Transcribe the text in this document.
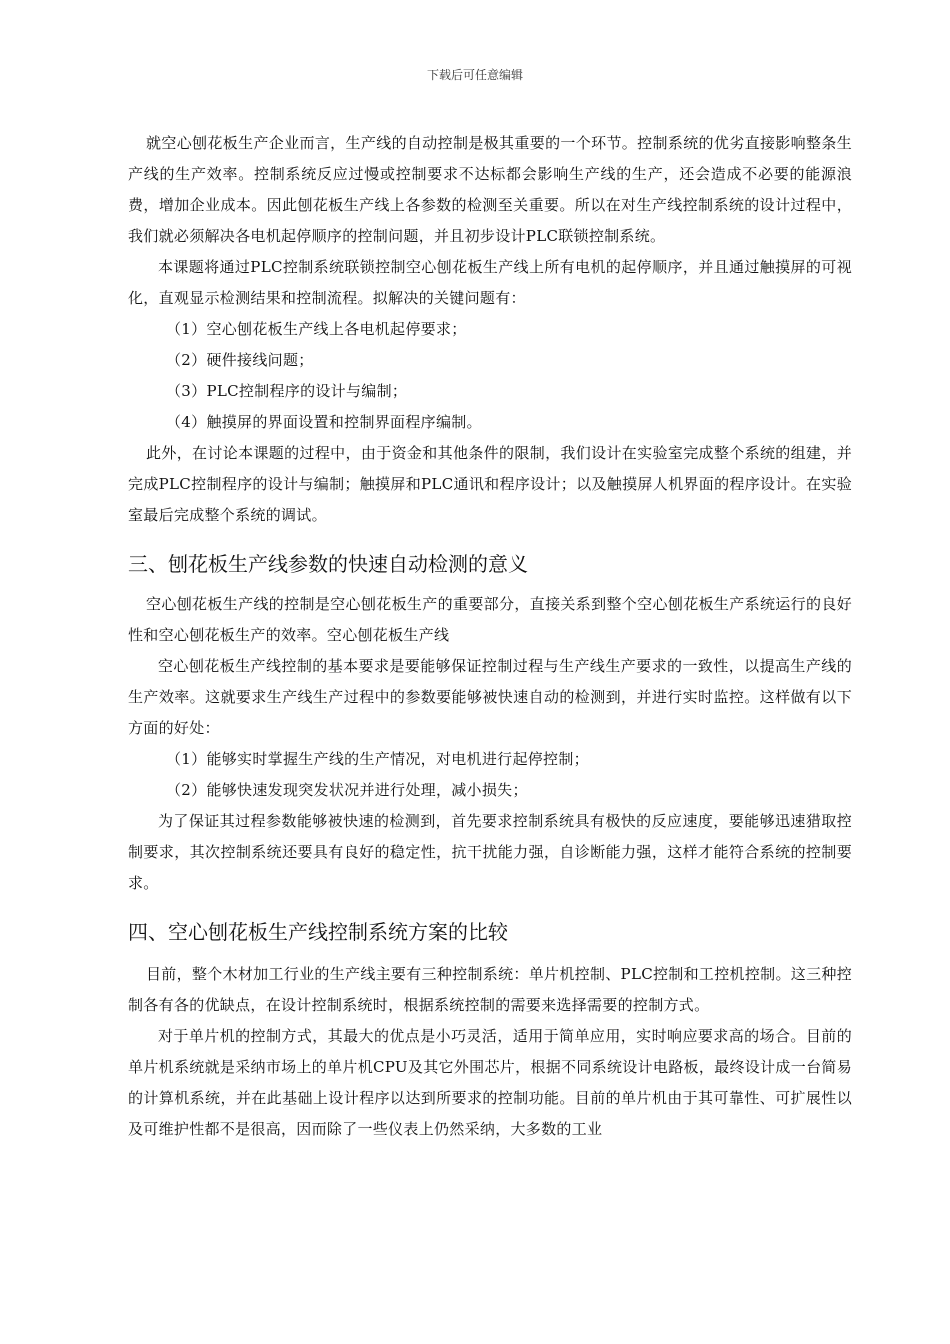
下载后可任意编辑

就空心刨花板生产企业而言，生产线的自动控制是极其重要的一个环节。控制系统的优劣直接影响整条生产线的生产效率。控制系统反应过慢或控制要求不达标都会影响生产线的生产，还会造成不必要的能源浪费，增加企业成本。因此刨花板生产线上各参数的检测至关重要。所以在对生产线控制系统的设计过程中，我们就必须解决各电机起停顺序的控制问题，并且初步设计PLC联锁控制系统。

本课题将通过PLC控制系统联锁控制空心刨花板生产线上所有电机的起停顺序，并且通过触摸屏的可视化，直观显示检测结果和控制流程。拟解决的关键问题有：

（1）空心刨花板生产线上各电机起停要求；

（2）硬件接线问题；

（3）PLC控制程序的设计与编制；

（4）触摸屏的界面设置和控制界面程序编制。

此外，在讨论本课题的过程中，由于资金和其他条件的限制，我们设计在实验室完成整个系统的组建，并完成PLC控制程序的设计与编制；触摸屏和PLC通讯和程序设计；以及触摸屏人机界面的程序设计。在实验室最后完成整个系统的调试。

三、刨花板生产线参数的快速自动检测的意义

空心刨花板生产线的控制是空心刨花板生产的重要部分，直接关系到整个空心刨花板生产系统运行的良好性和空心刨花板生产的效率。空心刨花板生产线

空心刨花板生产线控制的基本要求是要能够保证控制过程与生产线生产要求的一致性，以提高生产线的生产效率。这就要求生产线生产过程中的参数要能够被快速自动的检测到，并进行实时监控。这样做有以下方面的好处：

（1）能够实时掌握生产线的生产情况，对电机进行起停控制；

（2）能够快速发现突发状况并进行处理，减小损失；

为了保证其过程参数能够被快速的检测到，首先要求控制系统具有极快的反应速度，要能够迅速猎取控制要求，其次控制系统还要具有良好的稳定性，抗干扰能力强，自诊断能力强，这样才能符合系统的控制要求。

四、空心刨花板生产线控制系统方案的比较

目前，整个木材加工行业的生产线主要有三种控制系统：单片机控制、PLC控制和工控机控制。这三种控制各有各的优缺点，在设计控制系统时，根据系统控制的需要来选择需要的控制方式。

对于单片机的控制方式，其最大的优点是小巧灵活，适用于简单应用，实时响应要求高的场合。目前的单片机系统就是采纳市场上的单片机CPU及其它外围芯片，根据不同系统设计电路板，最终设计成一台简易的计算机系统，并在此基础上设计程序以达到所要求的控制功能。目前的单片机由于其可靠性、可扩展性以及可维护性都不是很高，因而除了一些仪表上仍然采纳，大多数的工业
